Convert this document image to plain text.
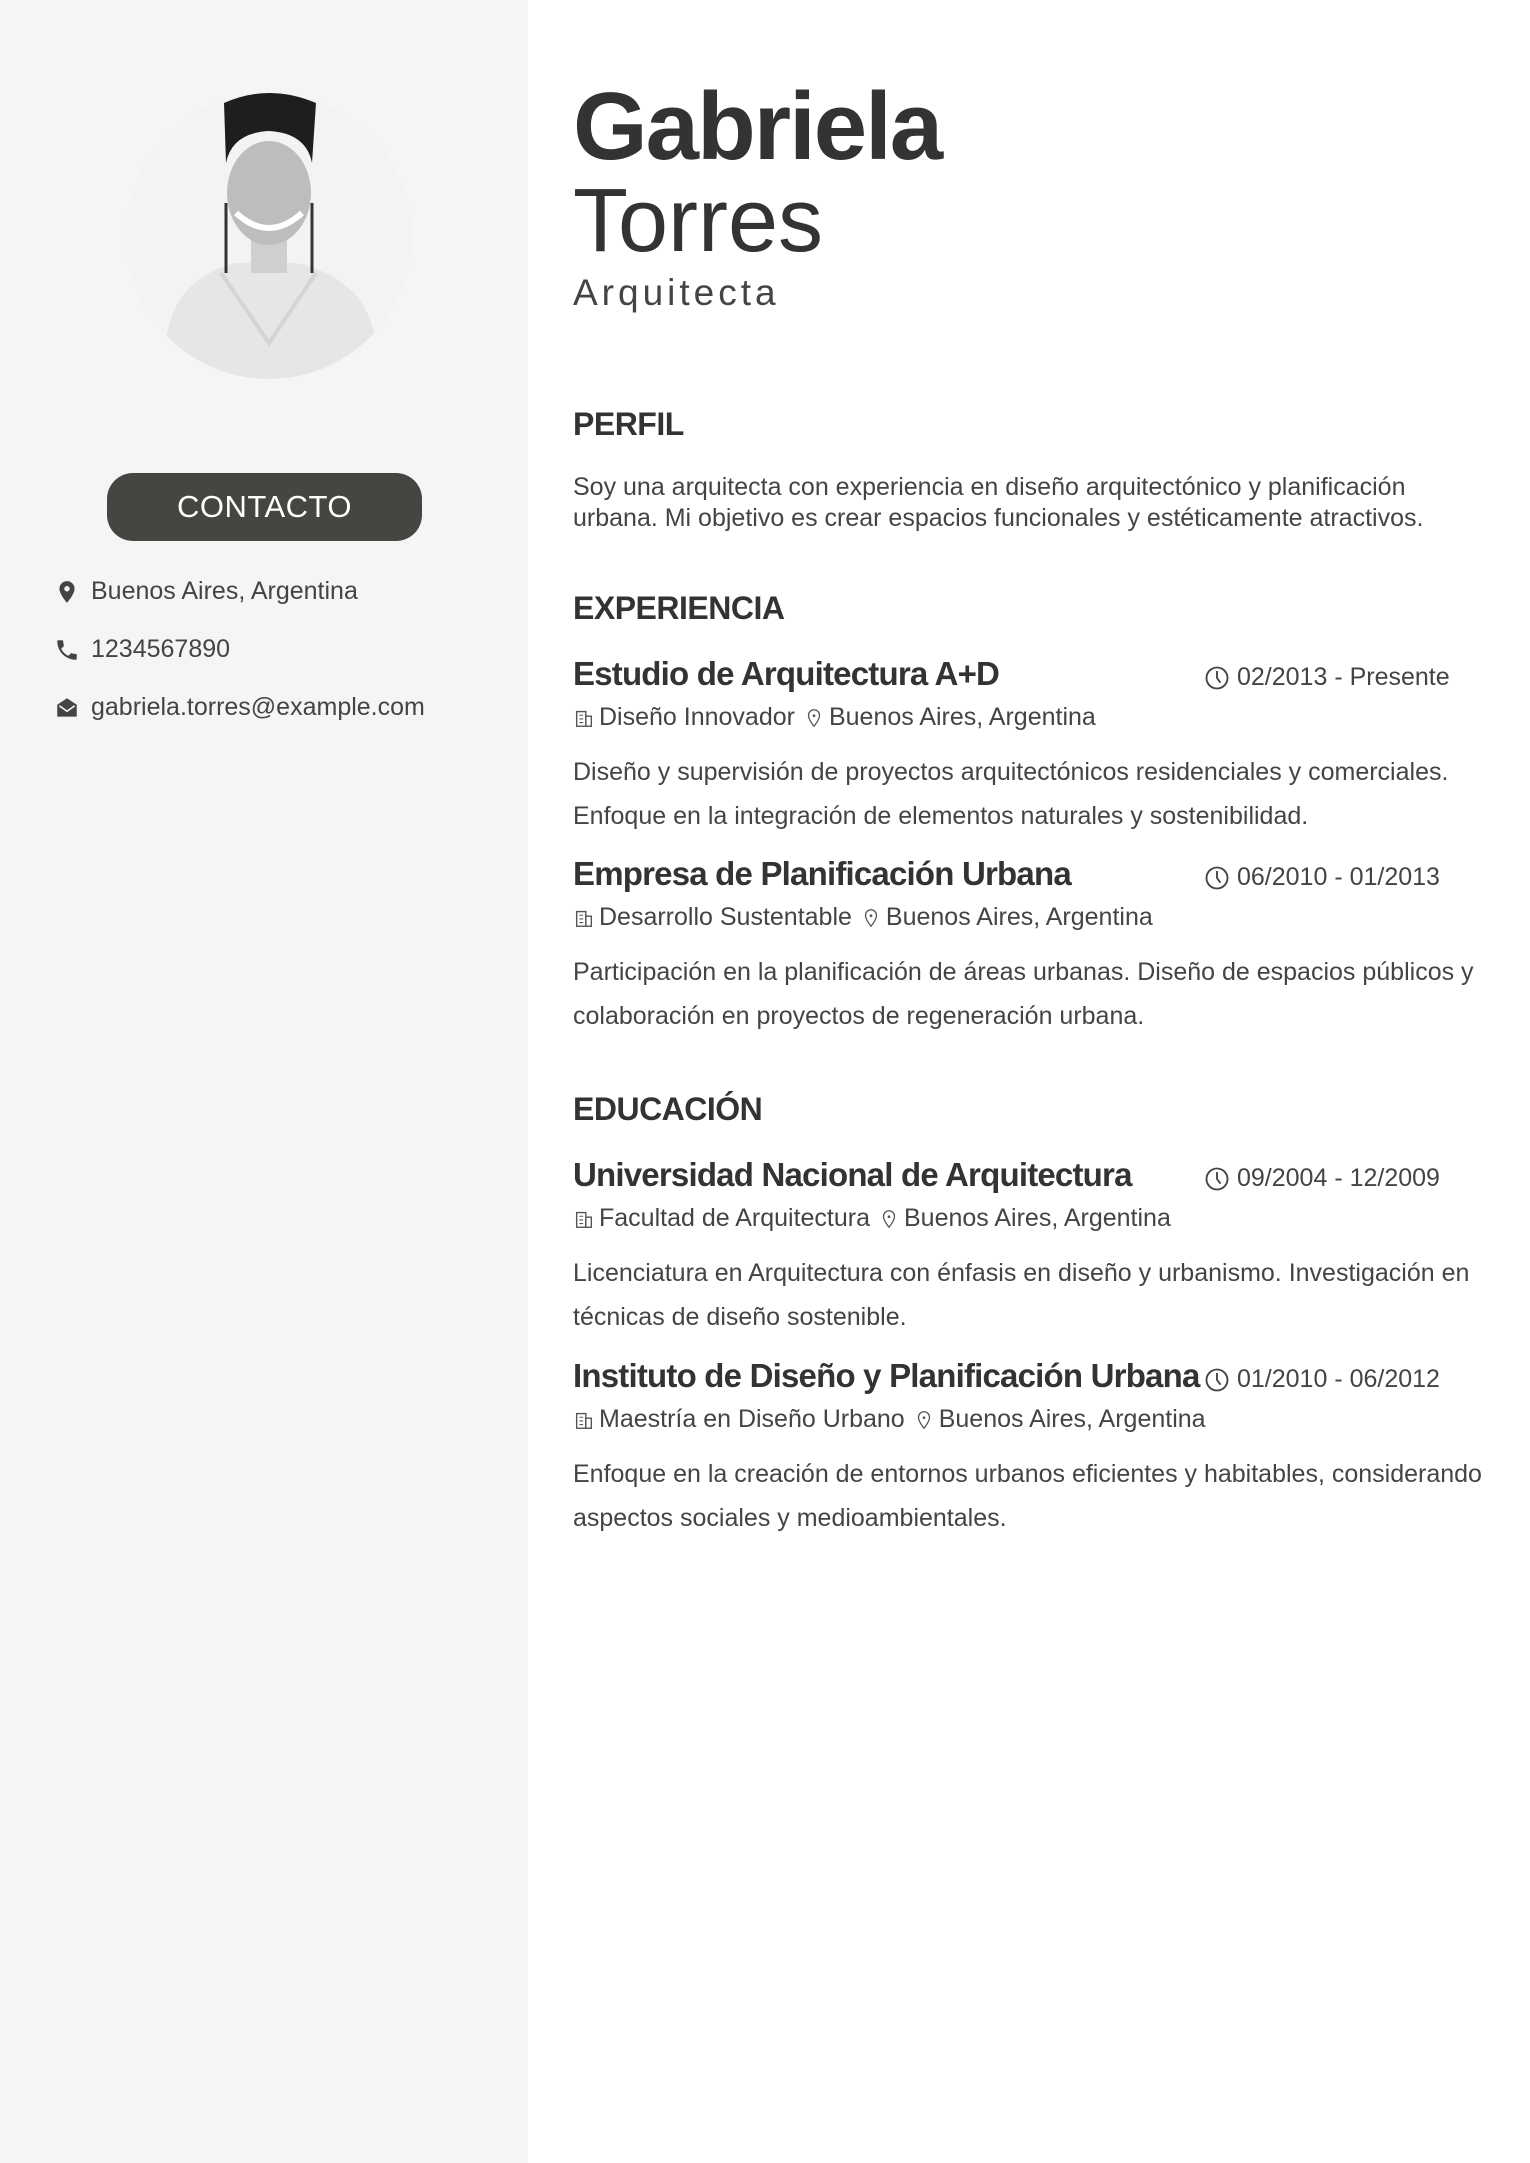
CONTACTO
Buenos Aires, Argentina
1234567890
gabriela.torres@example.com
Gabriela
Torres
Arquitecta
PERFIL
Soy una arquitecta con experiencia en diseño arquitectónico y planificación urbana. Mi objetivo es crear espacios funcionales y estéticamente atractivos.
EXPERIENCIA
EDUCACIÓN
Estudio de Arquitectura A+D	02/2013 - Presente
Diseño Innovador Buenos Aires, Argentina
Diseño y supervisión de proyectos arquitectónicos residenciales y comerciales. Enfoque en la integración de elementos naturales y sostenibilidad.
Empresa de Planificación Urbana	06/2010 - 01/2013
Desarrollo Sustentable Buenos Aires, Argentina
Participación en la planificación de áreas urbanas. Diseño de espacios públicos y colaboración en proyectos de regeneración urbana.
Universidad Nacional de Arquitectura	09/2004 - 12/2009
Facultad de Arquitectura Buenos Aires, Argentina
Licenciatura en Arquitectura con énfasis en diseño y urbanismo. Investigación en técnicas de diseño sostenible.
Instituto de Diseño y Planificación Urbana 01/2010 - 06/2012
Maestría en Diseño Urbano Buenos Aires, Argentina
Enfoque en la creación de entornos urbanos eficientes y habitables, considerando aspectos sociales y medioambientales.
